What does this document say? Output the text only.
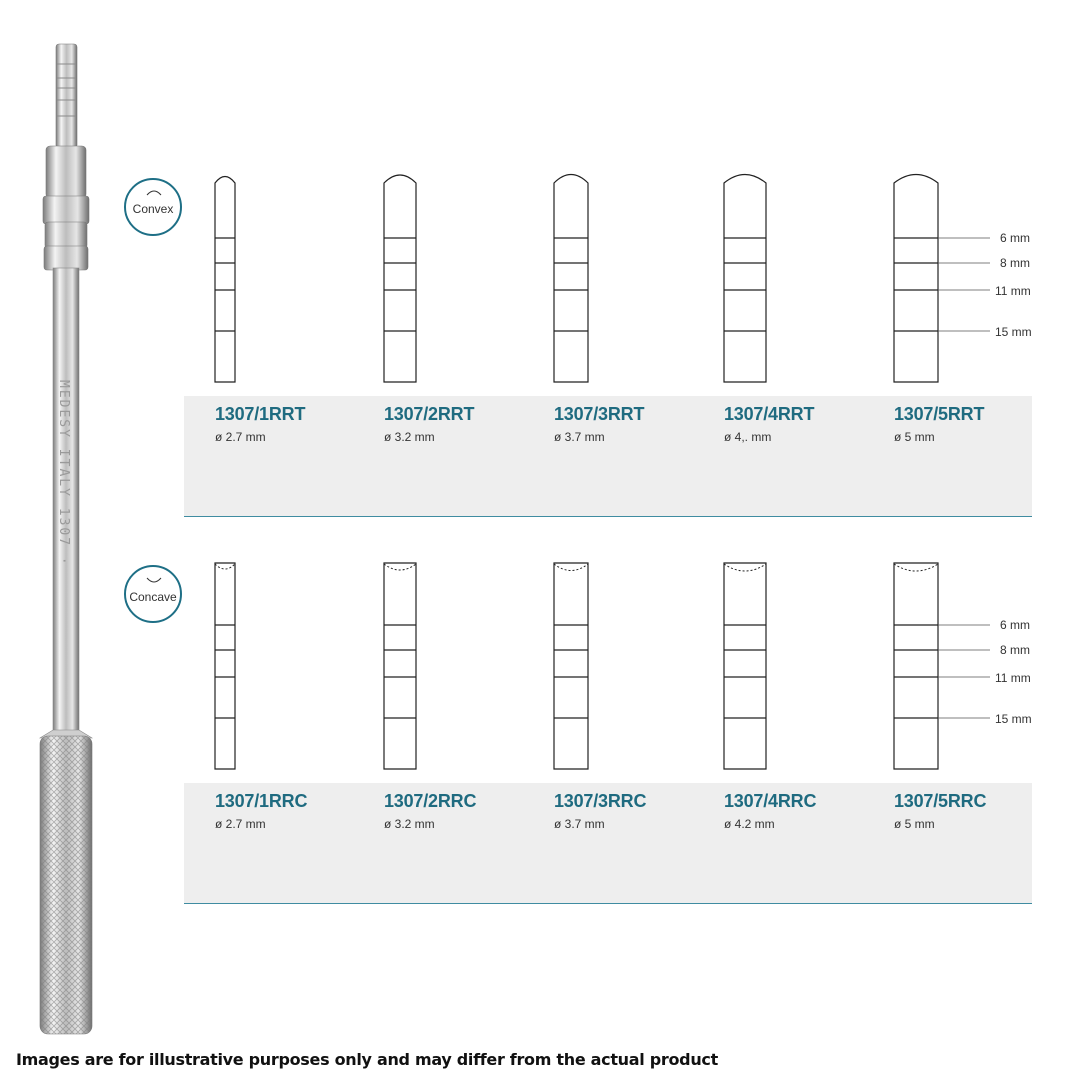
MEDESY ITALY 1307 ·
Convex
6 mm
8 mm
11 mm
15 mm
1307/1RRT
ø 2.7 mm
1307/2RRT
ø 3.2 mm
1307/3RRT
ø 3.7 mm
1307/4RRT
ø 4,. mm
1307/5RRT
ø 5 mm
Concave
6 mm
8 mm
11 mm
15 mm
1307/1RRC
ø 2.7 mm
1307/2RRC
ø 3.2 mm
1307/3RRC
ø 3.7 mm
1307/4RRC
ø 4.2 mm
1307/5RRC
ø 5 mm
Images are for illustrative purposes only and may differ from the actual product
